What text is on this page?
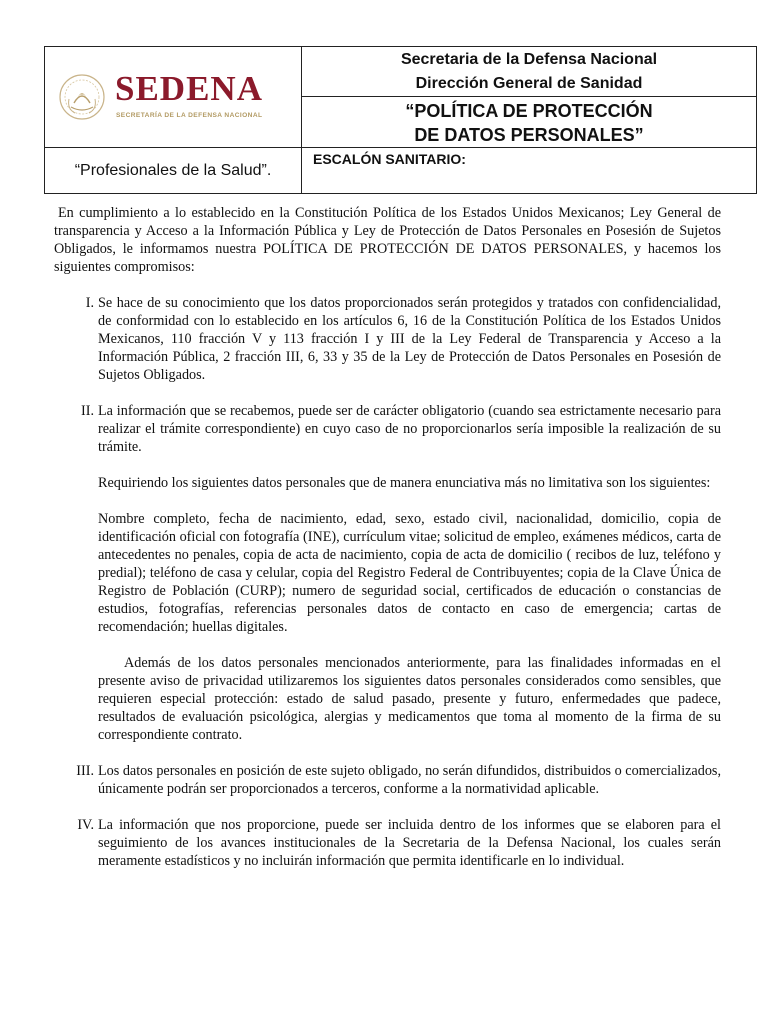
SEDENA
SECRETARÍA DE LA DEFENSA NACIONAL
Secretaria de la Defensa Nacional
Dirección General de Sanidad
“POLÍTICA DE PROTECCIÓN
DE DATOS PERSONALES”
“Profesionales de la Salud”.
ESCALÓN SANITARIO:

En cumplimiento a lo establecido en la Constitución Política de los Estados Unidos Mexicanos; Ley General de transparencia y Acceso a la Información Pública y Ley de Protección de Datos Personales en Posesión de Sujetos Obligados, le informamos nuestra POLÍTICA DE PROTECCIÓN DE DATOS PERSONALES, y hacemos los siguientes compromisos:

I. Se hace de su conocimiento que los datos proporcionados serán protegidos y tratados con confidencialidad, de conformidad con lo establecido en los artículos 6, 16 de la Constitución Política de los Estados Unidos Mexicanos, 110 fracción V y 113 fracción I y III de la Ley Federal de Transparencia y Acceso a la Información Pública, 2 fracción III, 6, 33 y 35 de la Ley de Protección de Datos Personales en Posesión de Sujetos Obligados.

II. La información que se recabemos, puede ser de carácter obligatorio (cuando sea estrictamente necesario para realizar el trámite correspondiente) en cuyo caso de no proporcionarlos sería imposible la realización de su trámite.

Requiriendo los siguientes datos personales que de manera enunciativa más no limitativa son los siguientes:

Nombre completo, fecha de nacimiento, edad, sexo, estado civil, nacionalidad, domicilio, copia de identificación oficial con fotografía (INE), currículum vitae; solicitud de empleo, exámenes médicos, carta de antecedentes no penales, copia de acta de nacimiento, copia de acta de domicilio ( recibos de luz, teléfono y predial); teléfono de casa y celular, copia del Registro Federal de Contribuyentes; copia de la Clave Única de Registro de Población (CURP); numero de seguridad social, certificados de educación o constancias de estudios, fotografías, referencias personales datos de contacto en caso de emergencia; cartas de recomendación; huellas digitales.

Además de los datos personales mencionados anteriormente, para las finalidades informadas en el presente aviso de privacidad utilizaremos los siguientes datos personales considerados como sensibles, que requieren especial protección: estado de salud pasado, presente y futuro, enfermedades que padece, resultados de evaluación psicológica, alergias y medicamentos que toma al momento de la firma de su correspondiente contrato.

III. Los datos personales en posición de este sujeto obligado, no serán difundidos, distribuidos o comercializados, únicamente podrán ser proporcionados a terceros, conforme a la normatividad aplicable.

IV. La información que nos proporcione, puede ser incluida dentro de los informes que se elaboren para el seguimiento de los avances institucionales de la Secretaria de la Defensa Nacional, los cuales serán meramente estadísticos y no incluirán información que permita identificarle en lo individual.
